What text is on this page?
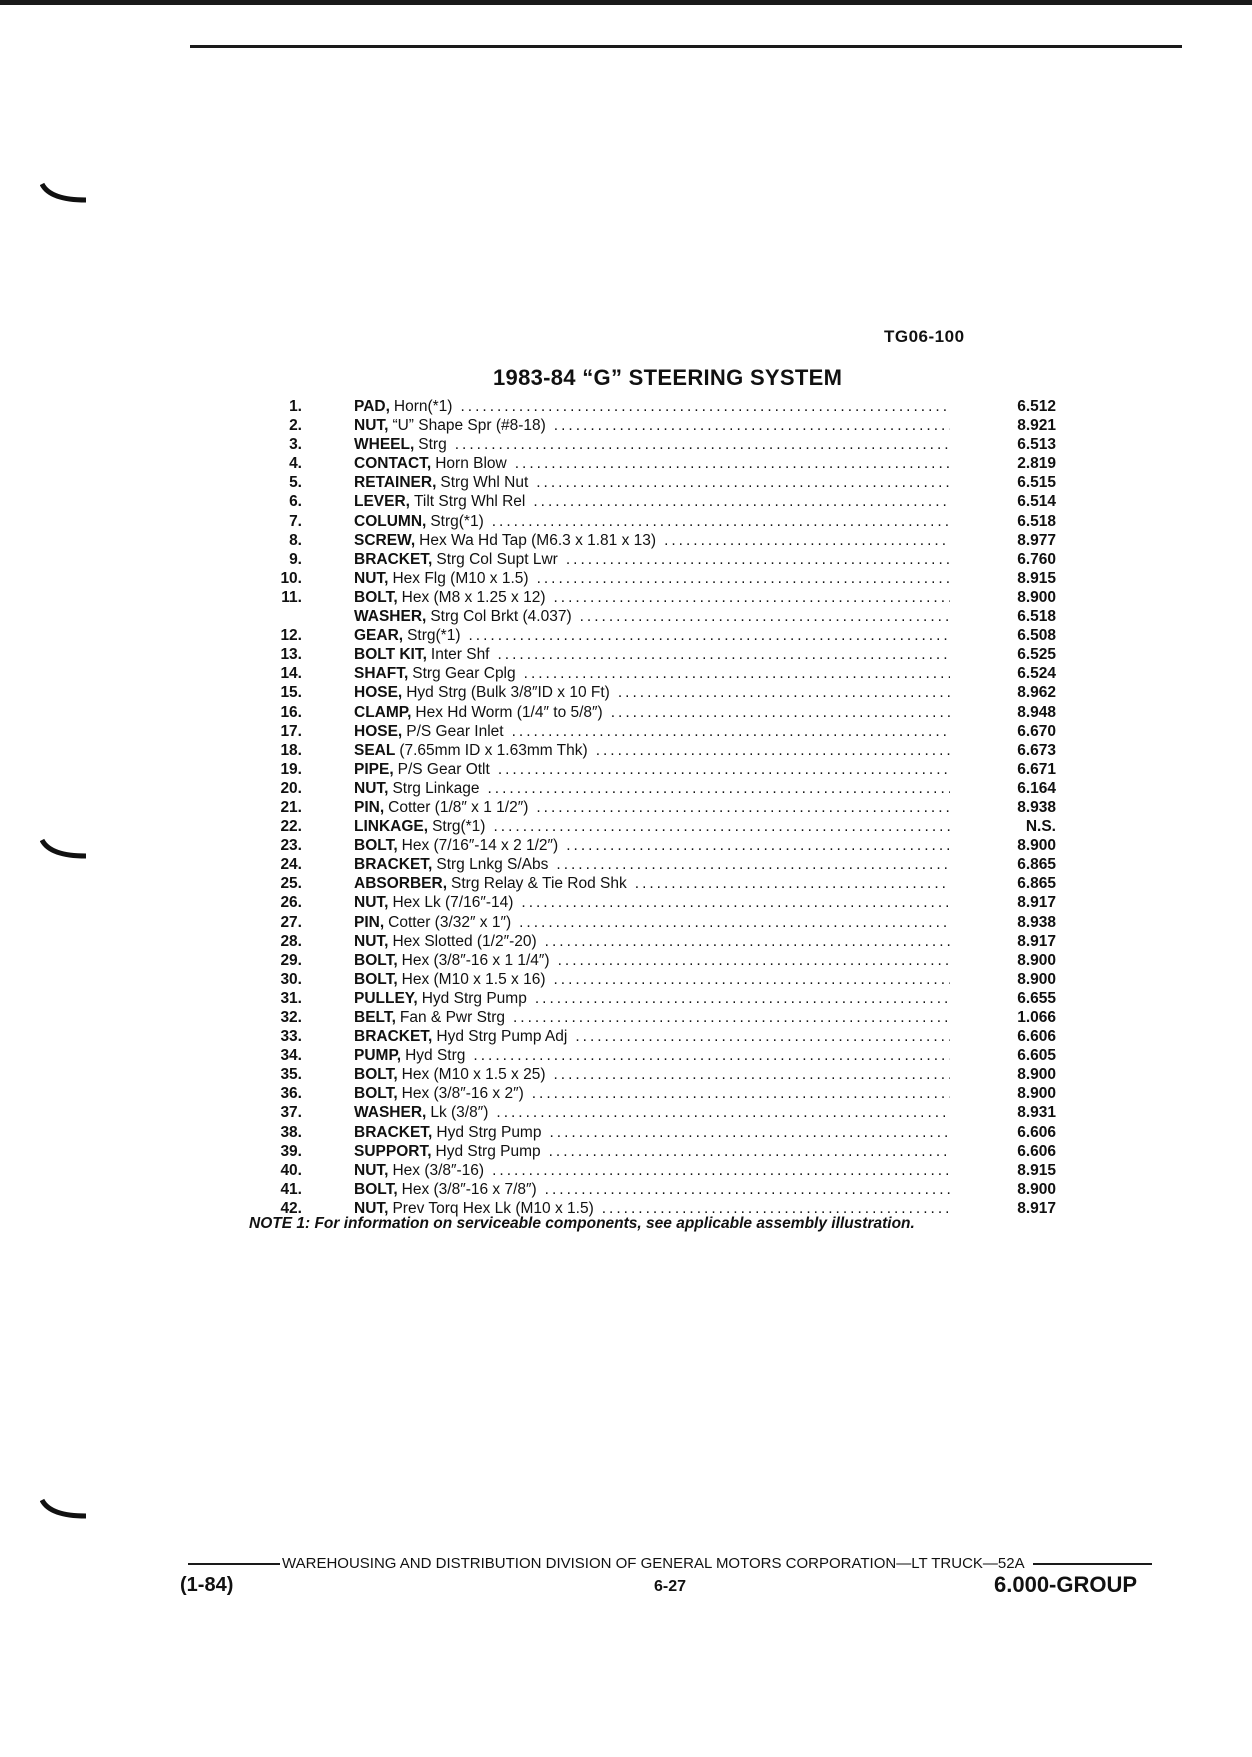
TG06-100
1983-84 “G” STEERING SYSTEM
1.	PAD, Horn(*1) .....	6.512
2.	NUT, “U” Shape Spr (#8-18) .....	8.921
3.	WHEEL, Strg .....	6.513
4.	CONTACT, Horn Blow .....	2.819
5.	RETAINER, Strg Whl Nut .....	6.515
6.	LEVER, Tilt Strg Whl Rel .....	6.514
7.	COLUMN, Strg(*1) .....	6.518
8.	SCREW, Hex Wa Hd Tap (M6.3 x 1.81 x 13) .....	8.977
9.	BRACKET, Strg Col Supt Lwr .....	6.760
10.	NUT, Hex Flg (M10 x 1.5) .....	8.915
11.	BOLT, Hex (M8 x 1.25 x 12) .....	8.900
WASHER, Strg Col Brkt (4.037) .....	6.518
12.	GEAR, Strg(*1) .....	6.508
13.	BOLT KIT, Inter Shf .....	6.525
14.	SHAFT, Strg Gear Cplg .....	6.524
15.	HOSE, Hyd Strg (Bulk 3/8″ID x 10 Ft) .....	8.962
16.	CLAMP, Hex Hd Worm (1/4″ to 5/8″) .....	8.948
17.	HOSE, P/S Gear Inlet .....	6.670
18.	SEAL (7.65mm ID x 1.63mm Thk) .....	6.673
19.	PIPE, P/S Gear Otlt .....	6.671
20.	NUT, Strg Linkage .....	6.164
21.	PIN, Cotter (1/8″ x 1 1/2″) .....	8.938
22.	LINKAGE, Strg(*1) .....	N.S.
23.	BOLT, Hex (7/16″-14 x 2 1/2″) .....	8.900
24.	BRACKET, Strg Lnkg S/Abs .....	6.865
25.	ABSORBER, Strg Relay & Tie Rod Shk .....	6.865
26.	NUT, Hex Lk (7/16″-14) .....	8.917
27.	PIN, Cotter (3/32″ x 1″) .....	8.938
28.	NUT, Hex Slotted (1/2″-20) .....	8.917
29.	BOLT, Hex (3/8″-16 x 1 1/4″) .....	8.900
30.	BOLT, Hex (M10 x 1.5 x 16) .....	8.900
31.	PULLEY, Hyd Strg Pump .....	6.655
32.	BELT, Fan & Pwr Strg .....	1.066
33.	BRACKET, Hyd Strg Pump Adj .....	6.606
34.	PUMP, Hyd Strg .....	6.605
35.	BOLT, Hex (M10 x 1.5 x 25) .....	8.900
36.	BOLT, Hex (3/8″-16 x 2″) .....	8.900
37.	WASHER, Lk (3/8″) .....	8.931
38.	BRACKET, Hyd Strg Pump .....	6.606
39.	SUPPORT, Hyd Strg Pump .....	6.606
40.	NUT, Hex (3/8″-16) .....	8.915
41.	BOLT, Hex (3/8″-16 x 7/8″) .....	8.900
42.	NUT, Prev Torq Hex Lk (M10 x 1.5) .....	8.917
NOTE 1: For information on serviceable components, see applicable assembly illustration.
WAREHOUSING AND DISTRIBUTION DIVISION OF GENERAL MOTORS CORPORATION—LT TRUCK—52A
(1-84)	6-27	6.000-GROUP
